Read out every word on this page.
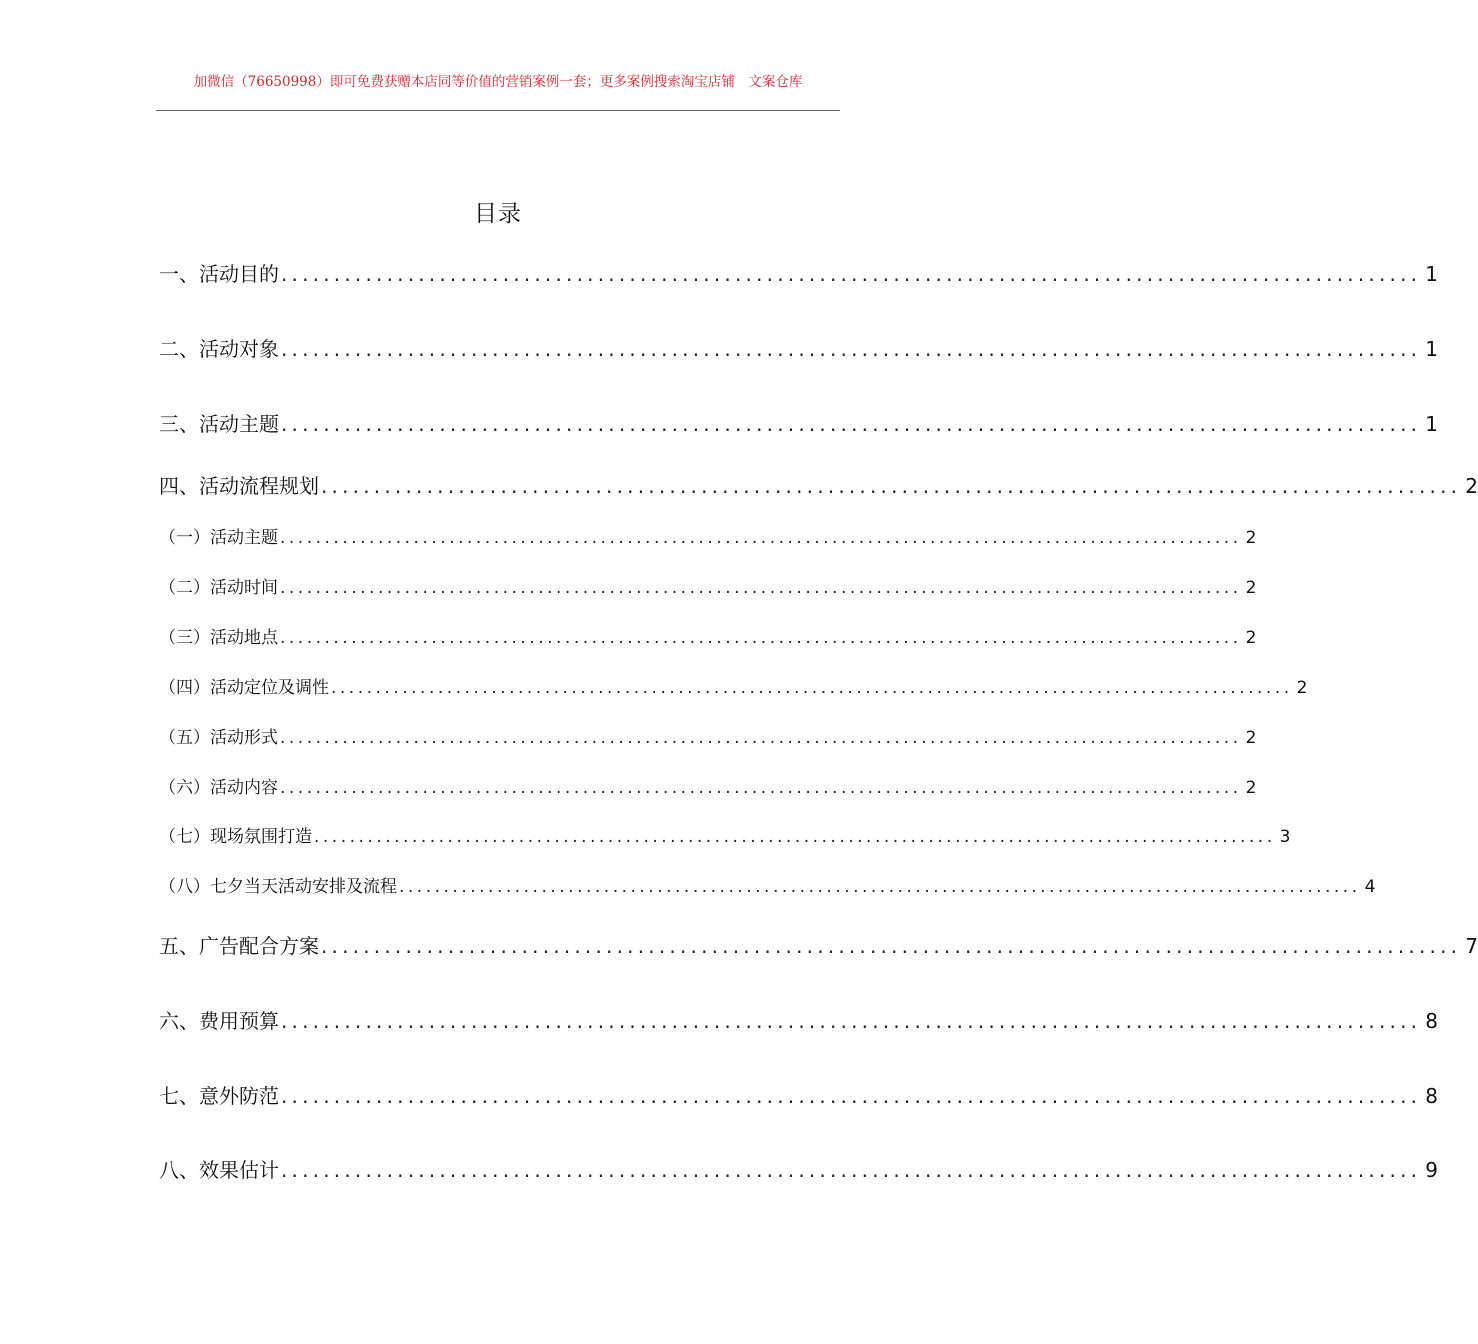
加微信（76650998）即可免费获赠本店同等价值的营销案例一套；更多案例搜索淘宝店铺　文案仓库
目录
一、 活动目的 ............................................................................................................ 1
二、 活动对象 ............................................................................................................ 1
三、活动主题 ............................................................................................................ 1
四、活动流程规划 ............................................................................................................ 2
（一）活动主题 ............................................................................................................ 2
（二）活动时间 ............................................................................................................ 2
（三）活动地点 ............................................................................................................ 2
（四）活动定位及调性 ............................................................................................................ 2
（五）活动形式 ............................................................................................................ 2
（六）活动内容 ............................................................................................................ 2
（七）现场氛围打造 ............................................................................................................ 3
（八）七夕当天活动安排及流程 ............................................................................................................ 4
五、广告配合方案 ............................................................................................................ 7
六、费用预算 ............................................................................................................ 8
七、意外防范 ............................................................................................................ 8
八、效果估计 ............................................................................................................ 9
